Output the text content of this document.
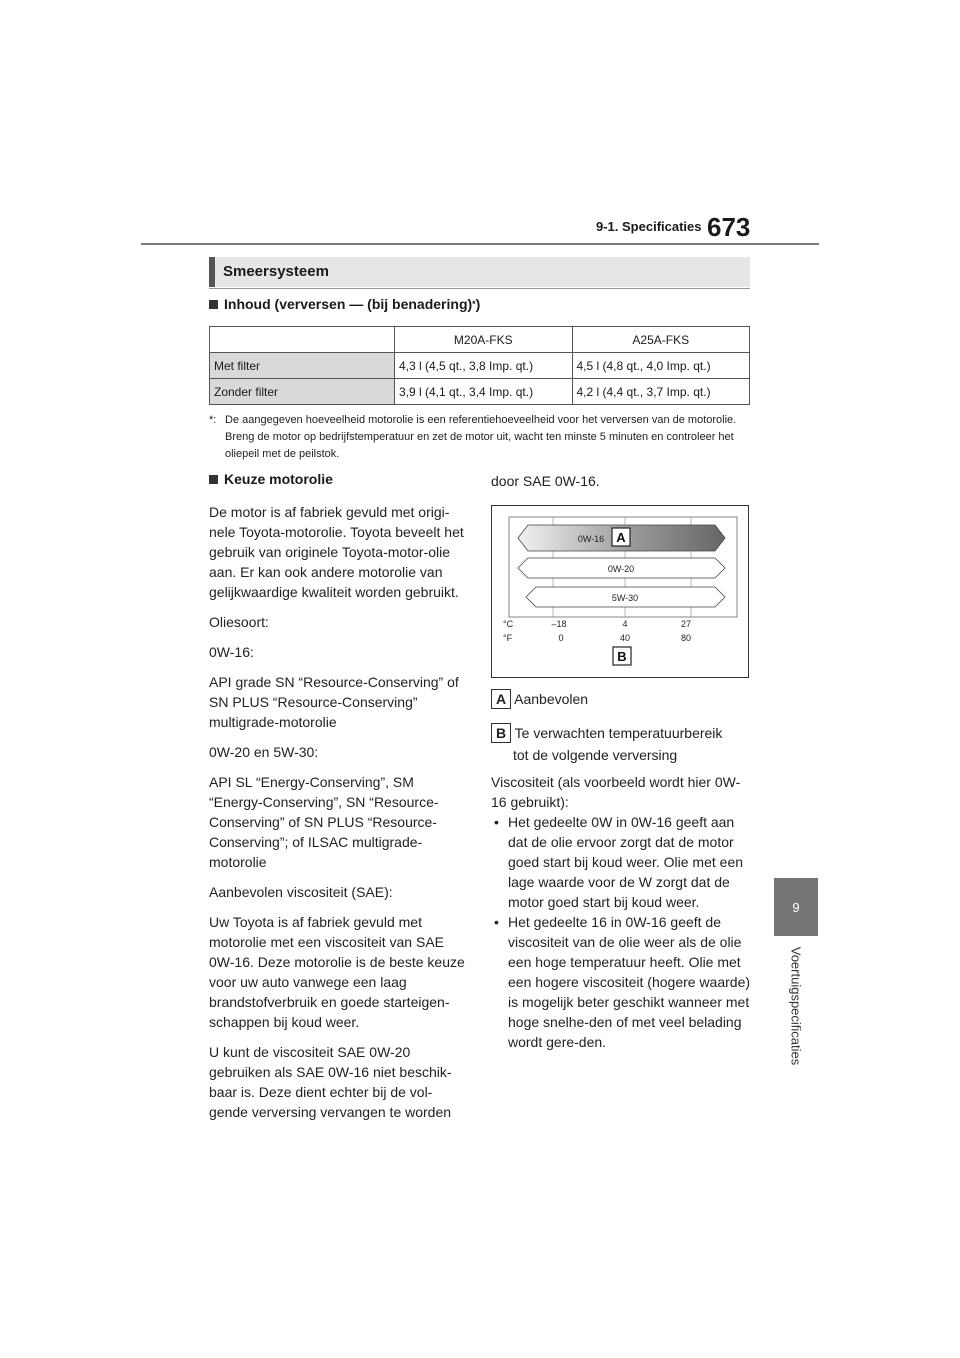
9-1. Specificaties 673
9
Voertuigspecificaties
Smeersysteem
Inhoud (verversen — (bij benadering) * )
	M20A-FKS	A25A-FKS
Met filter	4,3 l (4,5 qt., 3,8 Imp. qt.)	4,5 l (4,8 qt., 4,0 Imp. qt.)
Zonder filter	3,9 l (4,1 qt., 3,4 Imp. qt.)	4,2 l (4,4 qt., 3,7 Imp. qt.)
*: De aangegeven hoeveelheid motorolie is een referentiehoeveelheid voor het verversen van de motorolie. Breng de motor op bedrijfstemperatuur en zet de motor uit, wacht ten minste 5 minuten en controleer het oliepeil met de peilstok.
Keuze motorolie

De motor is af fabriek gevuld met origi-nele Toyota-motorolie. Toyota beveelt het gebruik van originele Toyota-motor-olie aan. Er kan ook andere motorolie van gelijkwaardige kwaliteit worden gebruikt.

Oliesoort:

0W-16:

API grade SN “Resource-Conserving” of SN PLUS “Resource-Conserving” multigrade-motorolie

0W-20 en 5W-30:

API SL “Energy-Conserving”, SM “Energy-Conserving”, SN “Resource-Conserving” of SN PLUS “Resource-Conserving”; of ILSAC multigrade-motorolie

Aanbevolen viscositeit (SAE):

Uw Toyota is af fabriek gevuld met motorolie met een viscositeit van SAE 0W-16. Deze motorolie is de beste keuze voor uw auto vanwege een laag brandstofverbruik en goede starteigen-schappen bij koud weer.

U kunt de viscositeit SAE 0W-20 gebruiken als SAE 0W-16 niet beschik-baar is. Deze dient echter bij de vol-gende verversing vervangen te worden

door SAE 0W-16.
0W-16 A
0W-20
5W-30
°C
°F
–18	4	27
0	40	80
B
A Aanbevolen
B Te verwachten temperatuurbereik
tot de volgende verversing

Viscositeit (als voorbeeld wordt hier 0W-16 gebruikt):

• Het gedeelte 0W in 0W-16 geeft aan dat de olie ervoor zorgt dat de motor goed start bij koud weer. Olie met een lage waarde voor de W zorgt dat de motor goed start bij koud weer.
• Het gedeelte 16 in 0W-16 geeft de viscositeit van de olie weer als de olie een hoge temperatuur heeft. Olie met een hogere viscositeit (hogere waarde) is mogelijk beter geschikt wanneer met hoge snelhe-den of met veel belading wordt gere-den.
